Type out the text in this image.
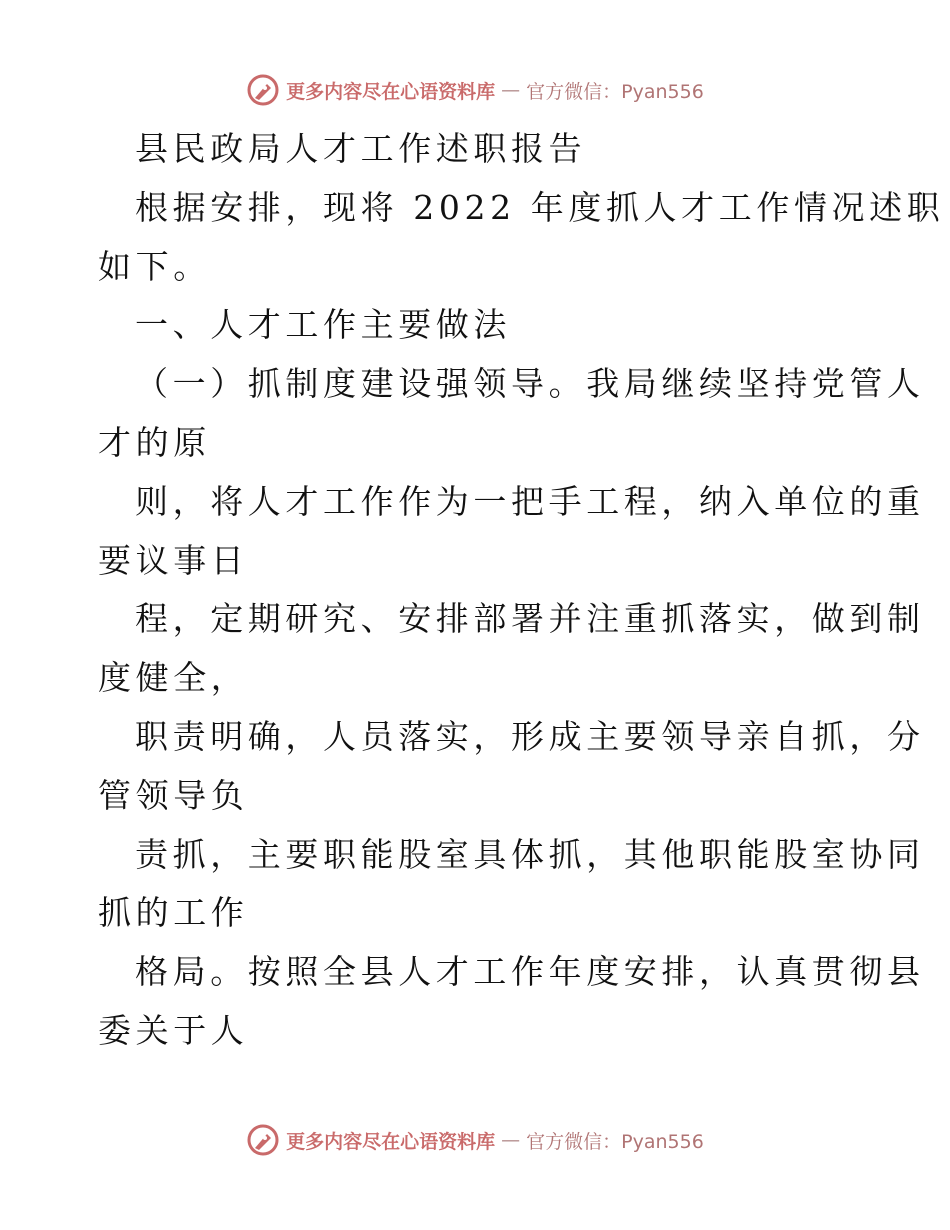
更多内容尽在心语资料库 — 官方微信：Pyan556
县民政局人才工作述职报告
根据安排，现将 2022 年度抓人才工作情况述职
如下。
一、人才工作主要做法
（一）抓制度建设强领导。我局继续坚持党管人
才的原
则，将人才工作作为一把手工程，纳入单位的重
要议事日
程，定期研究、安排部署并注重抓落实，做到制
度健全，
职责明确，人员落实，形成主要领导亲自抓，分
管领导负
责抓，主要职能股室具体抓，其他职能股室协同
抓的工作
格局。按照全县人才工作年度安排，认真贯彻县
委关于人
更多内容尽在心语资料库 — 官方微信：Pyan556
